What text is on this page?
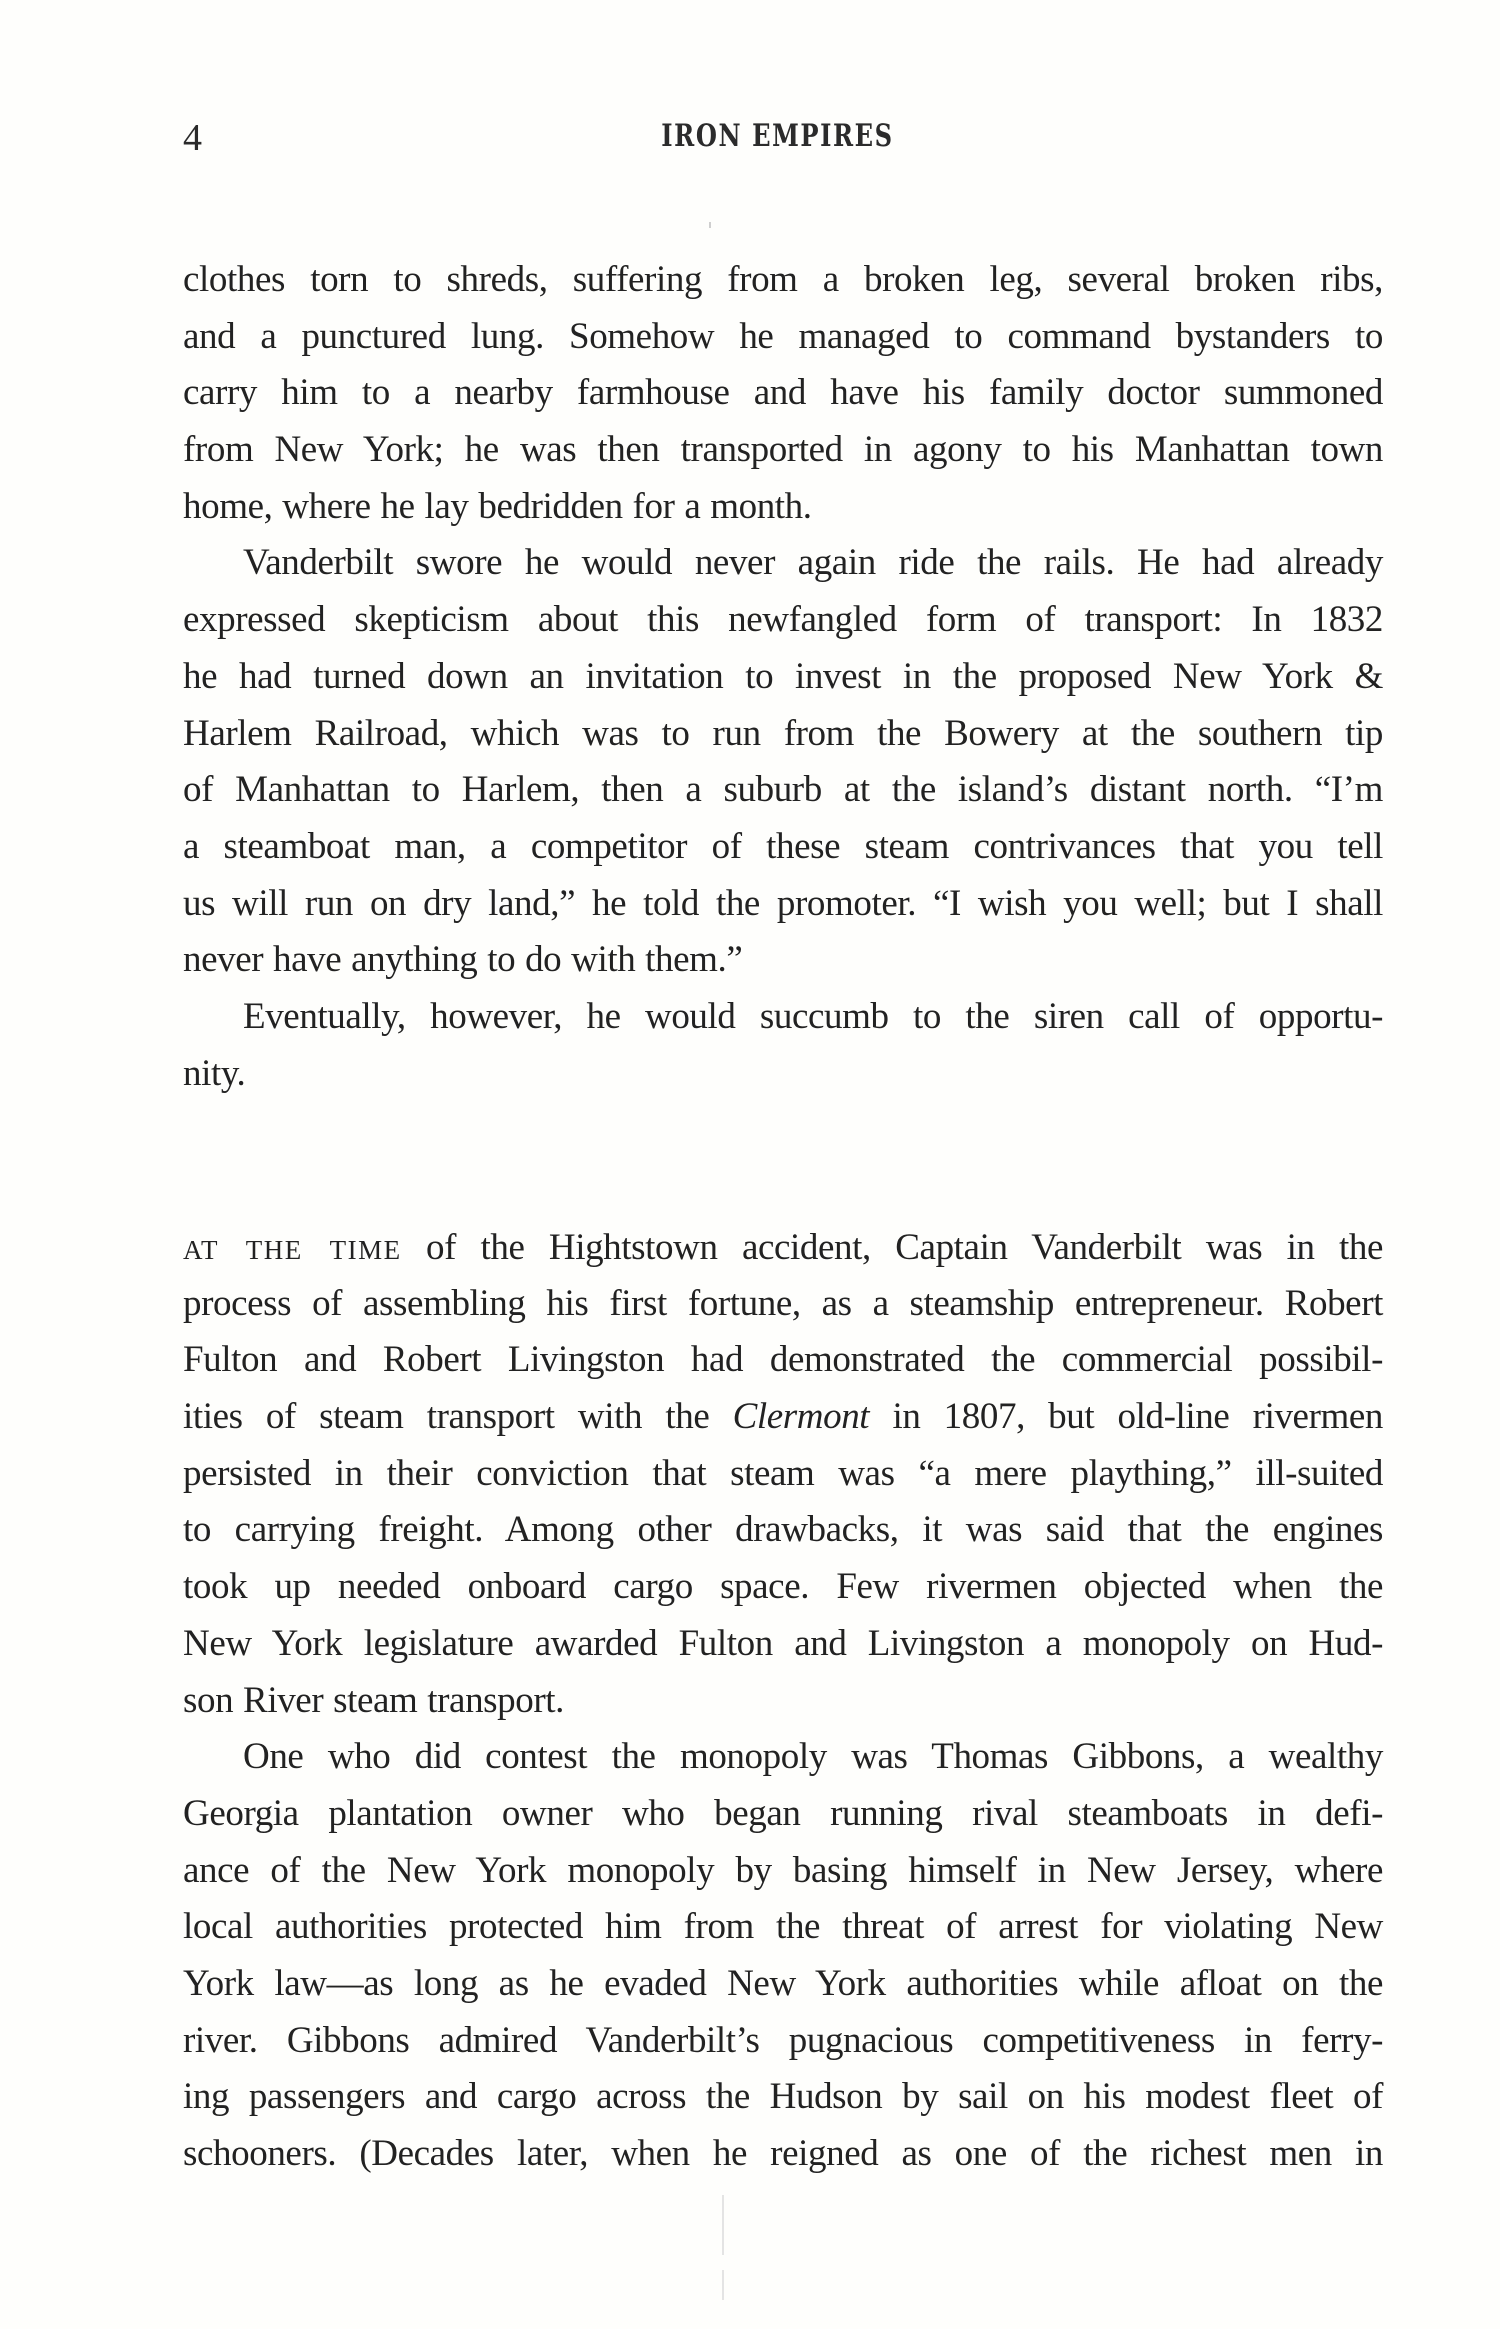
4	IRON EMPIRES
clothes torn to shreds, suffering from a broken leg, several broken ribs,
and a punctured lung. Somehow he managed to command bystanders to
carry him to a nearby farmhouse and have his family doctor summoned
from New York; he was then transported in agony to his Manhattan town
home, where he lay bedridden for a month.
Vanderbilt swore he would never again ride the rails. He had already
expressed skepticism about this newfangled form of transport: In 1832
he had turned down an invitation to invest in the proposed New York &
Harlem Railroad, which was to run from the Bowery at the southern tip
of Manhattan to Harlem, then a suburb at the island’s distant north. “I’m
a steamboat man, a competitor of these steam contrivances that you tell
us will run on dry land,” he told the promoter. “I wish you well; but I shall
never have anything to do with them.”
Eventually, however, he would succumb to the siren call of opportu-
nity.
at the time of the Hightstown accident, Captain Vanderbilt was in the
process of assembling his first fortune, as a steamship entrepreneur. Robert
Fulton and Robert Livingston had demonstrated the commercial possibil-
ities of steam transport with the Clermont in 1807, but old-line rivermen
persisted in their conviction that steam was “a mere plaything,” ill-suited
to carrying freight. Among other drawbacks, it was said that the engines
took up needed onboard cargo space. Few rivermen objected when the
New York legislature awarded Fulton and Livingston a monopoly on Hud-
son River steam transport.
One who did contest the monopoly was Thomas Gibbons, a wealthy
Georgia plantation owner who began running rival steamboats in defi-
ance of the New York monopoly by basing himself in New Jersey, where
local authorities protected him from the threat of arrest for violating New
York law—as long as he evaded New York authorities while afloat on the
river. Gibbons admired Vanderbilt’s pugnacious competitiveness in ferry-
ing passengers and cargo across the Hudson by sail on his modest fleet of
schooners. (Decades later, when he reigned as one of the richest men in
